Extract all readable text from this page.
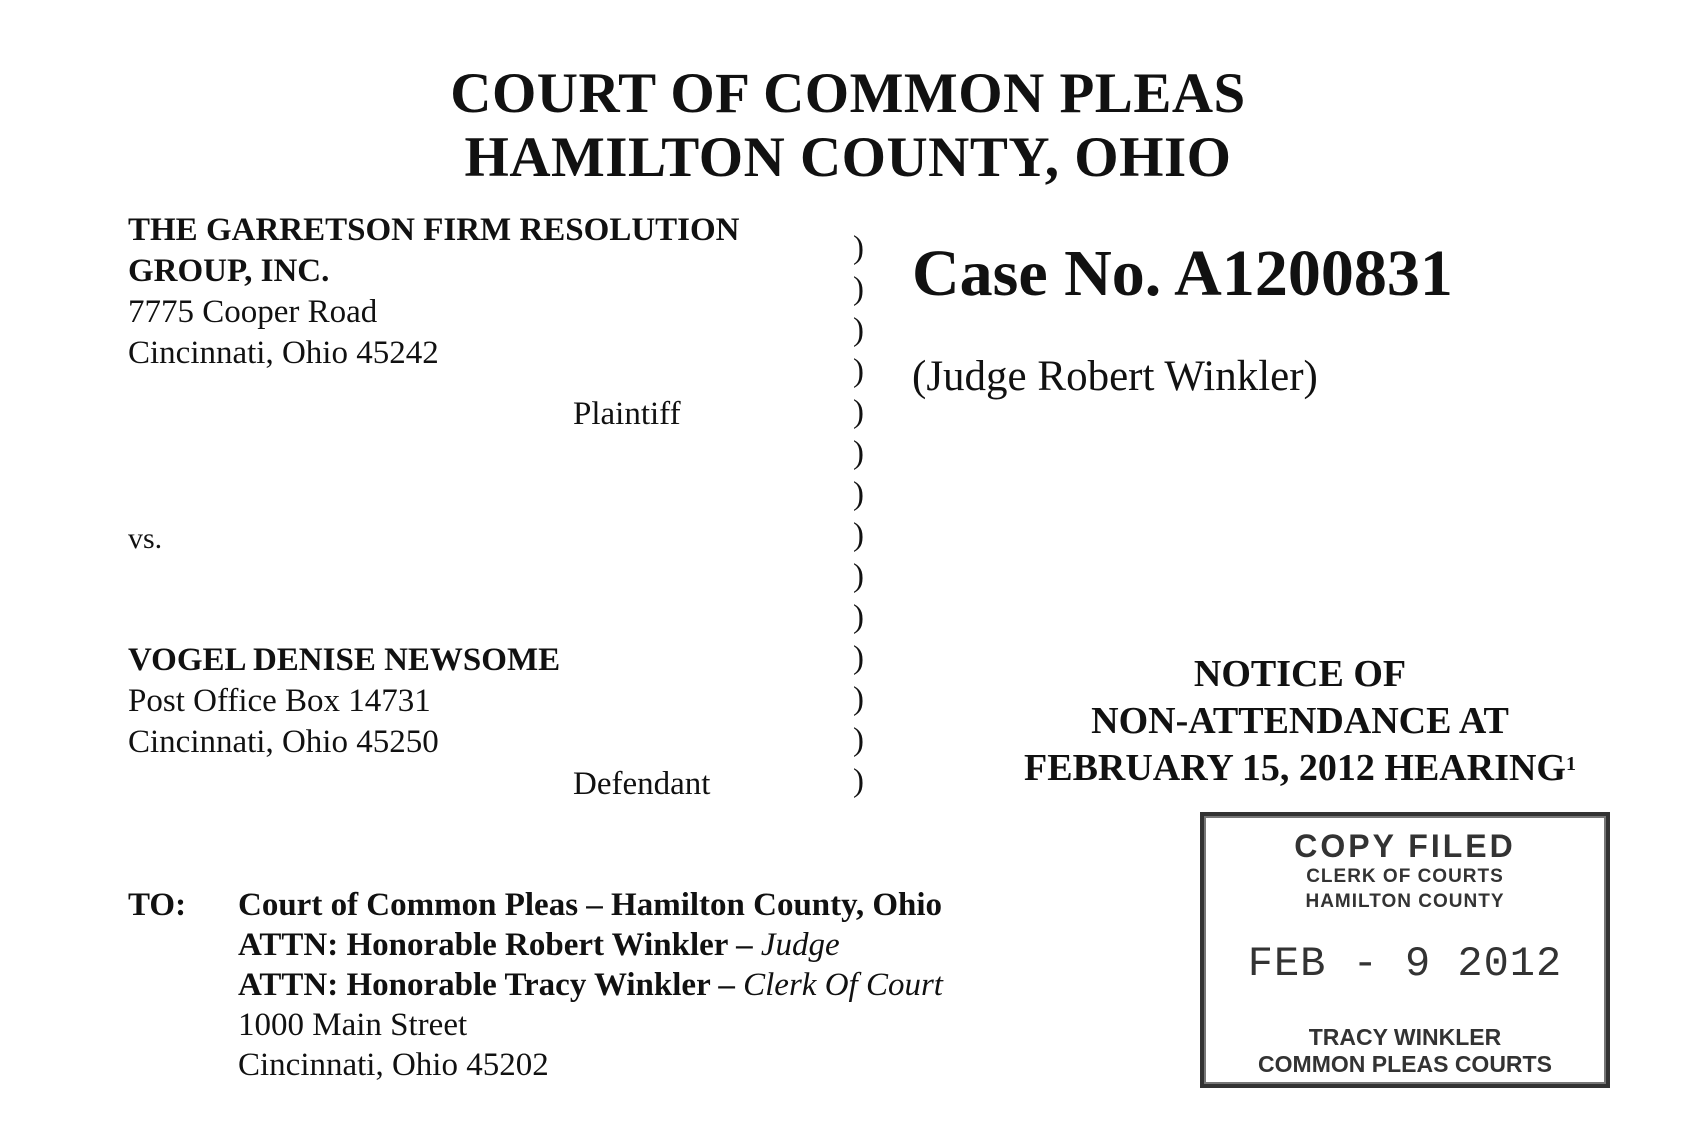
COURT OF COMMON PLEAS
HAMILTON COUNTY, OHIO
THE GARRETSON FIRM RESOLUTION
GROUP, INC.
7775 Cooper Road
Cincinnati, Ohio 45242
Plaintiff
vs.
VOGEL DENISE NEWSOME
Post Office Box 14731
Cincinnati, Ohio 45250
Defendant
)
)
)
)
)
)
)
)
)
)
)
)
)
)
Case No. A1200831
(Judge Robert Winkler)
NOTICE OF
NON-ATTENDANCE AT
FEBRUARY 15, 2012 HEARING$^1$
TO: Court of Common Pleas – Hamilton County, Ohio
ATTN: Honorable Robert Winkler – Judge
ATTN: Honorable Tracy Winkler – Clerk Of Court
1000 Main Street
Cincinnati, Ohio 45202
COPY FILED
CLERK OF COURTS
HAMILTON COUNTY
FEB - 9 2012
TRACY WINKLER
COMMON PLEAS COURTS
